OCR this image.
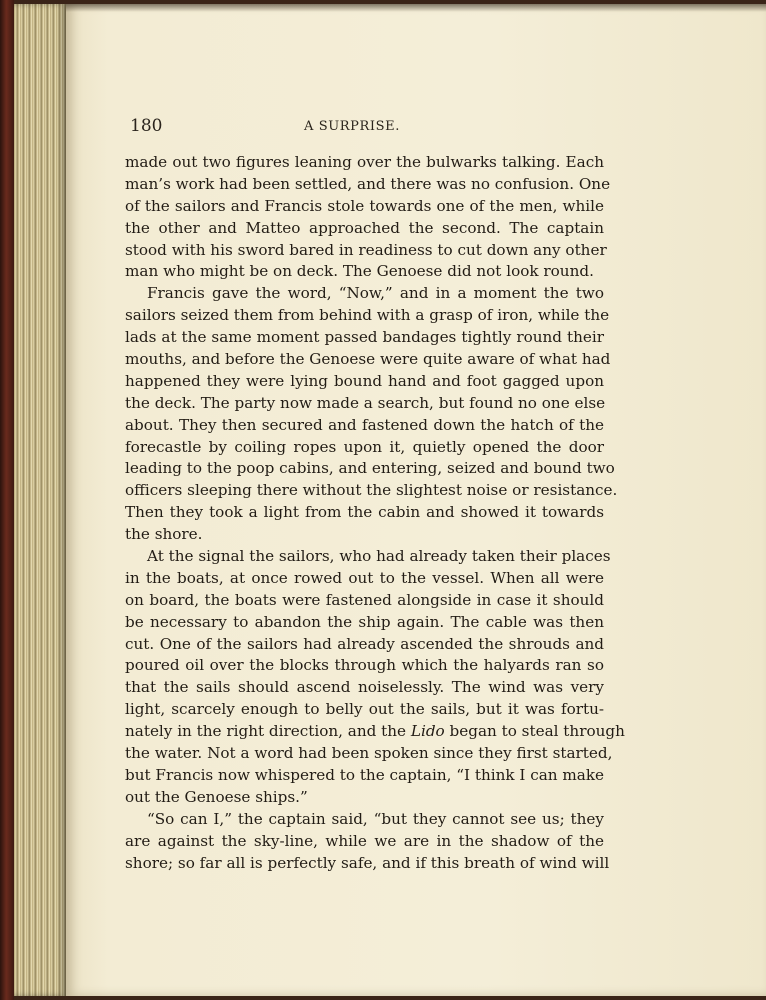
180	A SURPRISE.
made out two figures leaning over the bulwarks talking. Each
man’s work had been settled, and there was no confusion. One
of the sailors and Francis stole towards one of the men, while
the other and Matteo approached the second. The captain
stood with his sword bared in readiness to cut down any other
man who might be on deck. The Genoese did not look round.
Francis gave the word, “Now,” and in a moment the two
sailors seized them from behind with a grasp of iron, while the
lads at the same moment passed bandages tightly round their
mouths, and before the Genoese were quite aware of what had
happened they were lying bound hand and foot gagged upon
the deck. The party now made a search, but found no one else
about. They then secured and fastened down the hatch of the
forecastle by coiling ropes upon it, quietly opened the door
leading to the poop cabins, and entering, seized and bound two
officers sleeping there without the slightest noise or resistance.
Then they took a light from the cabin and showed it towards
the shore.
At the signal the sailors, who had already taken their places
in the boats, at once rowed out to the vessel. When all were
on board, the boats were fastened alongside in case it should
be necessary to abandon the ship again. The cable was then
cut. One of the sailors had already ascended the shrouds and
poured oil over the blocks through which the halyards ran so
that the sails should ascend noiselessly. The wind was very
light, scarcely enough to belly out the sails, but it was fortu-
nately in the right direction, and the Lido began to steal through
the water. Not a word had been spoken since they first started,
but Francis now whispered to the captain, “I think I can make
out the Genoese ships.”
“So can I,” the captain said, “but they cannot see us; they
are against the sky-line, while we are in the shadow of the
shore; so far all is perfectly safe, and if this breath of wind will
